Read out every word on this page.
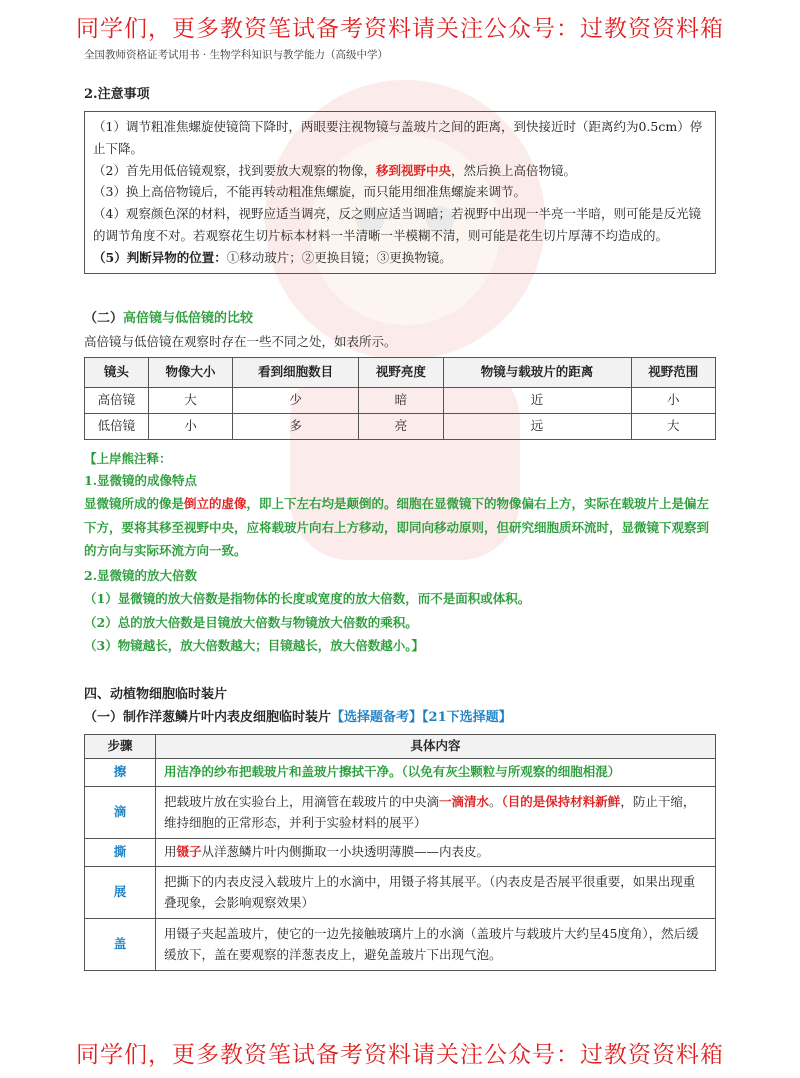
同学们，更多教资笔试备考资料请关注公众号：过教资资料箱
全国教师资格证考试用书 · 生物学科知识与教学能力（高级中学）
2.注意事项

（1）调节粗准焦螺旋使镜筒下降时，两眼要注视物镜与盖玻片之间的距离，到快接近时（距离约为0.5cm）停止下降。

（2）首先用低倍镜观察，找到要放大观察的物像，移到视野中央，然后换上高倍物镜。

（3）换上高倍物镜后，不能再转动粗准焦螺旋，而只能用细准焦螺旋来调节。

（4）观察颜色深的材料，视野应适当调亮，反之则应适当调暗；若视野中出现一半亮一半暗，则可能是反光镜的调节角度不对。若观察花生切片标本材料一半清晰一半模糊不清，则可能是花生切片厚薄不均造成的。

（5）判断异物的位置：①移动玻片；②更换目镜；③更换物镜。

（二）高倍镜与低倍镜的比较
高倍镜与低倍镜在观察时存在一些不同之处，如表所示。
镜头	物像大小	看到细胞数目	视野亮度	物镜与载玻片的距离	视野范围
高倍镜	大	少	暗	近	小
低倍镜	小	多	亮	远	大
【上岸熊注释：
1.显微镜的成像特点
显微镜所成的像是倒立的虚像，即上下左右均是颠倒的。细胞在显微镜下的物像偏右上方，实际在载玻片上是偏左下方，要将其移至视野中央，应将载玻片向右上方移动，即同向移动原则，但研究细胞质环流时，显微镜下观察到的方向与实际环流方向一致。
2.显微镜的放大倍数
（1）显微镜的放大倍数是指物体的长度或宽度的放大倍数，而不是面积或体积。
（2）总的放大倍数是目镜放大倍数与物镜放大倍数的乘积。
（3）物镜越长，放大倍数越大；目镜越长，放大倍数越小。】
四、动植物细胞临时装片
（一）制作洋葱鳞片叶内表皮细胞临时装片【选择题备考】【21下选择题】
步骤	具体内容
擦	用洁净的纱布把载玻片和盖玻片擦拭干净。（以免有灰尘颗粒与所观察的细胞相混）
滴	把载玻片放在实验台上，用滴管在载玻片的中央滴一滴清水。（目的是保持材料新鲜，防止干缩，维持细胞的正常形态，并利于实验材料的展平）
撕	用镊子从洋葱鳞片叶内侧撕取一小块透明薄膜——内表皮。
展	把撕下的内表皮浸入载玻片上的水滴中，用镊子将其展平。（内表皮是否展平很重要，如果出现重叠现象，会影响观察效果）
盖	用镊子夹起盖玻片，使它的一边先接触玻璃片上的水滴（盖玻片与载玻片大约呈45度角），然后缓缓放下，盖在要观察的洋葱表皮上，避免盖玻片下出现气泡。
同学们，更多教资笔试备考资料请关注公众号：过教资资料箱
